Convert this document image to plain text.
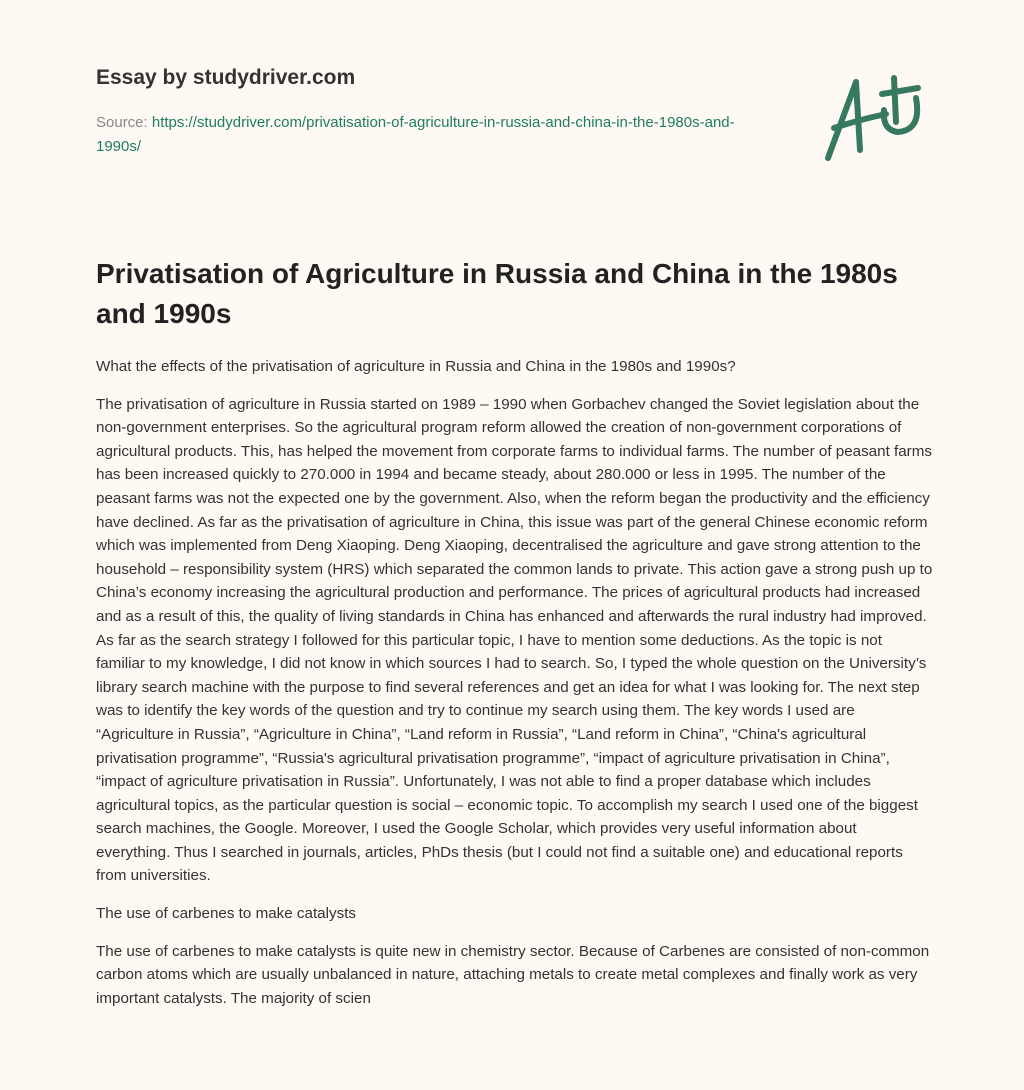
Essay by studydriver.com
Source: https://studydriver.com/privatisation-of-agriculture-in-russia-and-china-in-the-1980s-and-1990s/
Privatisation of Agriculture in Russia and China in the 1980s and 1990s

What the effects of the privatisation of agriculture in Russia and China in the 1980s and 1990s?

The privatisation of agriculture in Russia started on 1989 – 1990 when Gorbachev changed the Soviet legislation about the non-government enterprises. So the agricultural program reform allowed the creation of non-government corporations of agricultural products. This, has helped the movement from corporate farms to individual farms. The number of peasant farms has been increased quickly to 270.000 in 1994 and became steady, about 280.000 or less in 1995. The number of the peasant farms was not the expected one by the government. Also, when the reform began the productivity and the efficiency have declined. As far as the privatisation of agriculture in China, this issue was part of the general Chinese economic reform which was implemented from Deng Xiaoping. Deng Xiaoping, decentralised the agriculture and gave strong attention to the household – responsibility system (HRS) which separated the common lands to private. This action gave a strong push up to China’s economy increasing the agricultural production and performance. The prices of agricultural products had increased and as a result of this, the quality of living standards in China has enhanced and afterwards the rural industry had improved. As far as the search strategy I followed for this particular topic, I have to mention some deductions. As the topic is not familiar to my knowledge, I did not know in which sources I had to search. So, I typed the whole question on the University’s library search machine with the purpose to find several references and get an idea for what I was looking for. The next step was to identify the key words of the question and try to continue my search using them. The key words I used are “Agriculture in Russia”, “Agriculture in China”, “Land reform in Russia”, “Land reform in China”, “China's agricultural privatisation programme”, “Russia's agricultural privatisation programme”, “impact of agriculture privatisation in China”, “impact of agriculture privatisation in Russia”. Unfortunately, I was not able to find a proper database which includes agricultural topics, as the particular question is social – economic topic. To accomplish my search I used one of the biggest search machines, the Google. Moreover, I used the Google Scholar, which provides very useful information about everything. Thus I searched in journals, articles, PhDs thesis (but I could not find a suitable one) and educational reports from universities.

The use of carbenes to make catalysts

The use of carbenes to make catalysts is quite new in chemistry sector. Because of Carbenes are consisted of non-common carbon atoms which are usually unbalanced in nature, attaching metals to create metal complexes and finally work as very important catalysts. The majority of scien
